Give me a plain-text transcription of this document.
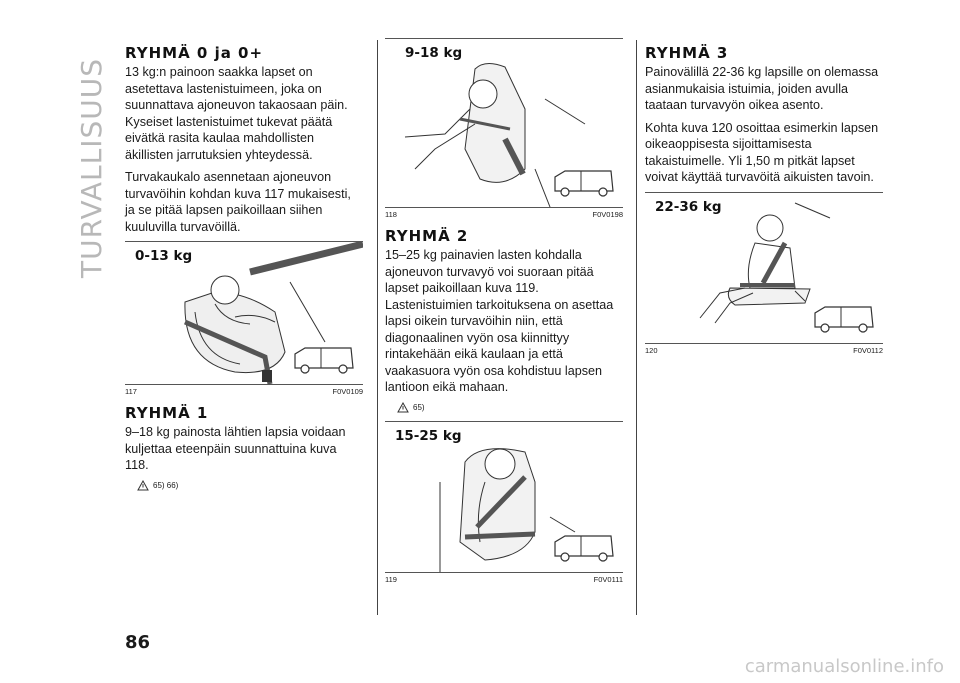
TURVALLISUUS
RYHMÄ 0 ja 0+

13 kg:n painoon saakka lapset on asetettava lastenistuimeen, joka on suunnattava ajoneuvon takaosaan päin. Kyseiset lastenistuimet tukevat päätä eivätkä rasita kaulaa mahdollisten äkillisten jarrutuksien yhteydessä.

Turvakaukalo asennetaan ajoneuvon turvavöihin kohdan kuva 117 mukaisesti, ja se pitää lapsen paikoillaan siihen kuuluvilla turvavöillä.

0-13 kg
117	F0V0109
RYHMÄ 1

9–18 kg painosta lähtien lapsia voidaan kuljettaa eteenpäin suunnattuina kuva 118.

65) 66)
9-18 kg
118	F0V0198
RYHMÄ 2

15–25 kg painavien lasten kohdalla ajoneuvon turvavyö voi suoraan pitää lapset paikoillaan kuva 119. Lastenistuimien tarkoituksena on asettaa lapsi oikein turvavöihin niin, että diagonaalinen vyön osa kiinnittyy rintakehään eikä kaulaan ja että vaakasuora vyön osa kohdistuu lapsen lantioon eikä mahaan.

65)
15-25 kg
119	F0V0111
RYHMÄ 3

Painovälillä 22-36 kg lapsille on olemassa asianmukaisia istuimia, joiden avulla taataan turvavyön oikea asento.

Kohta kuva 120 osoittaa esimerkin lapsen oikeaoppisesta sijoittamisesta takaistuimelle. Yli 1,50 m pitkät lapset voivat käyttää turvavöitä aikuisten tavoin.

22-36 kg
120	F0V0112
86
carmanualsonline.info
